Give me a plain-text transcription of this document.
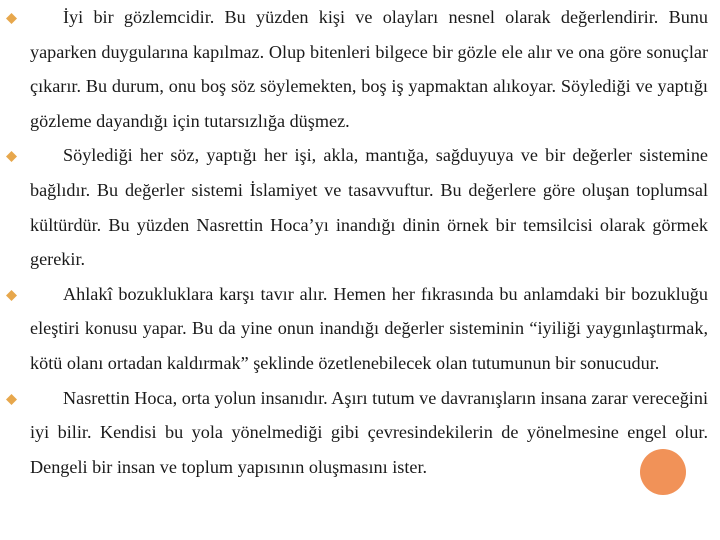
İyi bir gözlemcidir. Bu yüzden kişi ve olayları nesnel olarak değerlendirir. Bunu yaparken duygularına kapılmaz. Olup bitenleri bilgece bir gözle ele alır ve ona göre sonuçlar çıkarır. Bu durum, onu boş söz söylemekten, boş iş yapmaktan alıkoyar. Söylediği ve yaptığı gözleme dayandığı için tutarsızlığa düşmez.
Söylediği her söz, yaptığı her işi, akla, mantığa, sağduyuya ve bir değerler sistemine bağlıdır. Bu değerler sistemi İslamiyet ve tasavvuftur. Bu değerlere göre oluşan toplumsal kültürdür. Bu yüzden Nasrettin Hoca’yı inandığı dinin örnek bir temsilcisi olarak görmek gerekir.
Ahlakî bozukluklara karşı tavır alır. Hemen her fıkrasında bu anlamdaki bir bozukluğu eleştiri konusu yapar. Bu da yine onun inandığı değerler sisteminin “iyiliği yaygınlaştırmak, kötü olanı ortadan kaldırmak” şeklinde özetlenebilecek olan tutumunun bir sonucudur.
Nasrettin Hoca, orta yolun insanıdır. Aşırı tutum ve davranışların insana zarar vereceğini iyi bilir. Kendisi bu yola yönelmediği gibi çevresindekilerin de yönelmesine engel olur. Dengeli bir insan ve toplum yapısının oluşmasını ister.
